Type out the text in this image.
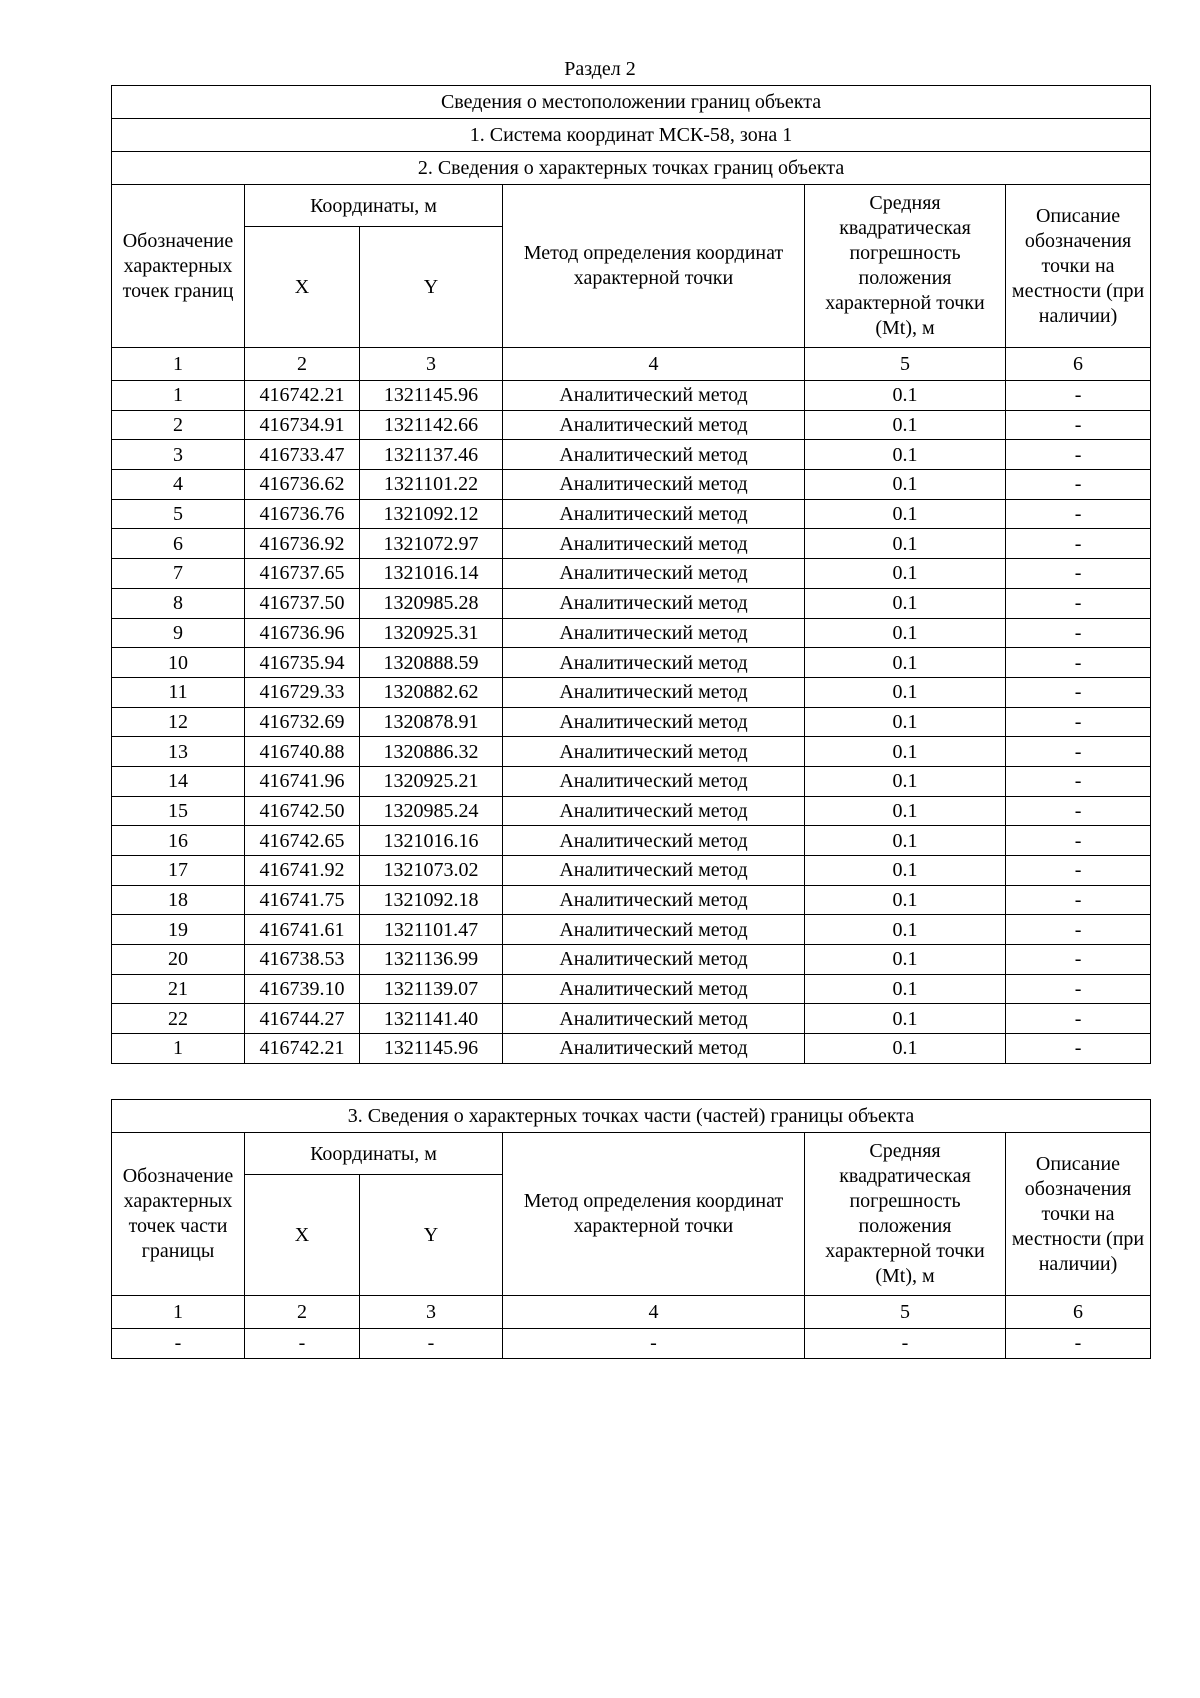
Раздел 2
Сведения о местоположении границ объекта					
1. Система координат МСК-58, зона 1					
2. Сведения о характерных точках границ объекта					
Обозначение характерных точек границ	Координаты, м		Метод определения координат характерной точки	Средняя квадратическая погрешность положения характерной точки (Mt), м	Описание обозначения точки на местности (при наличии)
	X	Y			
1	2	3	4	5	6
1	416742.21	1321145.96	Аналитический метод	0.1	-
2	416734.91	1321142.66	Аналитический метод	0.1	-
3	416733.47	1321137.46	Аналитический метод	0.1	-
4	416736.62	1321101.22	Аналитический метод	0.1	-
5	416736.76	1321092.12	Аналитический метод	0.1	-
6	416736.92	1321072.97	Аналитический метод	0.1	-
7	416737.65	1321016.14	Аналитический метод	0.1	-
8	416737.50	1320985.28	Аналитический метод	0.1	-
9	416736.96	1320925.31	Аналитический метод	0.1	-
10	416735.94	1320888.59	Аналитический метод	0.1	-
11	416729.33	1320882.62	Аналитический метод	0.1	-
12	416732.69	1320878.91	Аналитический метод	0.1	-
13	416740.88	1320886.32	Аналитический метод	0.1	-
14	416741.96	1320925.21	Аналитический метод	0.1	-
15	416742.50	1320985.24	Аналитический метод	0.1	-
16	416742.65	1321016.16	Аналитический метод	0.1	-
17	416741.92	1321073.02	Аналитический метод	0.1	-
18	416741.75	1321092.18	Аналитический метод	0.1	-
19	416741.61	1321101.47	Аналитический метод	0.1	-
20	416738.53	1321136.99	Аналитический метод	0.1	-
21	416739.10	1321139.07	Аналитический метод	0.1	-
22	416744.27	1321141.40	Аналитический метод	0.1	-
1	416742.21	1321145.96	Аналитический метод	0.1	-
3. Сведения о характерных точках части (частей) границы объекта					
Обозначение характерных точек части границы	Координаты, м		Метод определения координат характерной точки	Средняя квадратическая погрешность положения характерной точки (Mt), м	Описание обозначения точки на местности (при наличии)
	X	Y			
1	2	3	4	5	6
-	-	-	-	-	-
